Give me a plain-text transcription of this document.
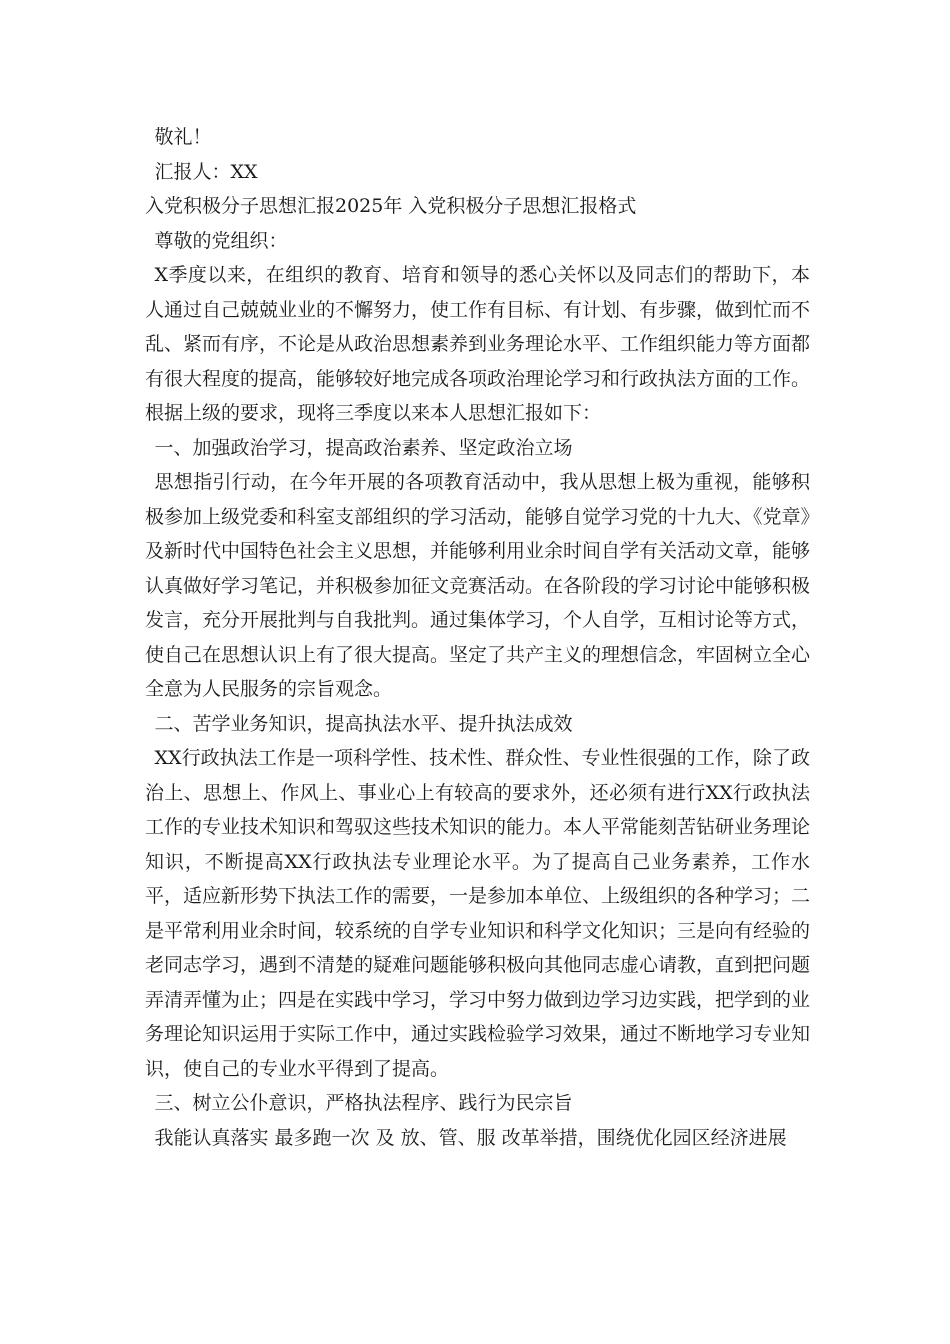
敬礼！
汇报人：XX
入党积极分子思想汇报2025年 入党积极分子思想汇报格式
尊敬的党组织：
X季度以来，在组织的教育、培育和领导的悉心关怀以及同志们的帮助下，本人通过自己兢兢业业的不懈努力，使工作有目标、有计划、有步骤，做到忙而不乱、紧而有序，不论是从政治思想素养到业务理论水平、工作组织能力等方面都有很大程度的提高，能够较好地完成各项政治理论学习和行政执法方面的工作。根据上级的要求，现将三季度以来本人思想汇报如下：
一、加强政治学习，提高政治素养、坚定政治立场
思想指引行动，在今年开展的各项教育活动中，我从思想上极为重视，能够积极参加上级党委和科室支部组织的学习活动，能够自觉学习党的十九大、《党章》及新时代中国特色社会主义思想，并能够利用业余时间自学有关活动文章，能够认真做好学习笔记，并积极参加征文竞赛活动。在各阶段的学习讨论中能够积极发言，充分开展批判与自我批判。通过集体学习，个人自学，互相讨论等方式，使自己在思想认识上有了很大提高。坚定了共产主义的理想信念，牢固树立全心全意为人民服务的宗旨观念。
二、苦学业务知识，提高执法水平、提升执法成效
XX行政执法工作是一项科学性、技术性、群众性、专业性很强的工作，除了政治上、思想上、作风上、事业心上有较高的要求外，还必须有进行XX行政执法工作的专业技术知识和驾驭这些技术知识的能力。本人平常能刻苦钻研业务理论知识，不断提高XX行政执法专业理论水平。为了提高自己业务素养，工作水平，适应新形势下执法工作的需要，一是参加本单位、上级组织的各种学习；二是平常利用业余时间，较系统的自学专业知识和科学文化知识；三是向有经验的老同志学习，遇到不清楚的疑难问题能够积极向其他同志虚心请教，直到把问题弄清弄懂为止；四是在实践中学习，学习中努力做到边学习边实践，把学到的业务理论知识运用于实际工作中，通过实践检验学习效果，通过不断地学习专业知识，使自己的专业水平得到了提高。
三、树立公仆意识，严格执法程序、践行为民宗旨
我能认真落实 最多跑一次 及 放、管、服 改革举措，围绕优化园区经济进展
